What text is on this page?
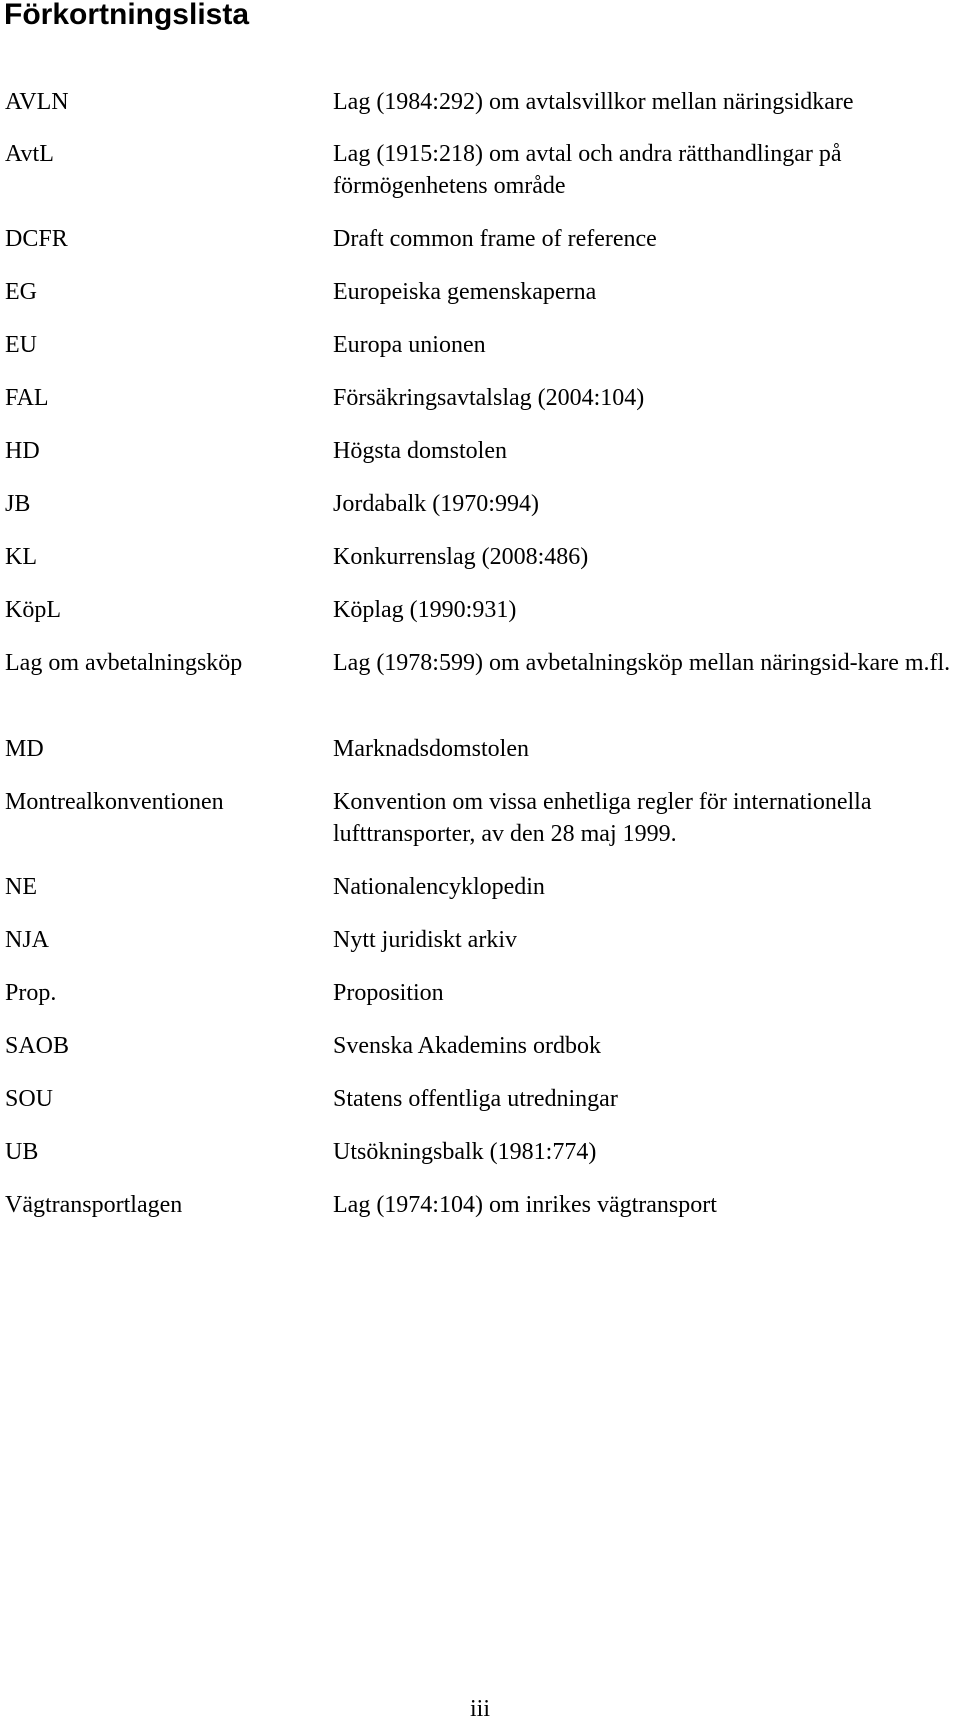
Förkortningslista
AVLN	Lag (1984:292) om avtalsvillkor mellan näringsidkare
AvtL	Lag (1915:218) om avtal och andra rätthandlingar på förmögenhetens område
DCFR	Draft common frame of reference
EG	Europeiska gemenskaperna
EU	Europa unionen
FAL	Försäkringsavtalslag (2004:104)
HD	Högsta domstolen
JB	Jordabalk (1970:994)
KL	Konkurrenslag (2008:486)
KöpL	Köplag (1990:931)
Lag om avbetalningsköp	Lag (1978:599) om avbetalningsköp mellan näringsid-kare m.fl.
MD	Marknadsdomstolen
Montrealkonventionen	Konvention om vissa enhetliga regler för internationella lufttransporter, av den 28 maj 1999.
NE	Nationalencyklopedin
NJA	Nytt juridiskt arkiv
Prop.	Proposition
SAOB	Svenska Akademins ordbok
SOU	Statens offentliga utredningar
UB	Utsökningsbalk (1981:774)
Vägtransportlagen	Lag (1974:104) om inrikes vägtransport
iii
